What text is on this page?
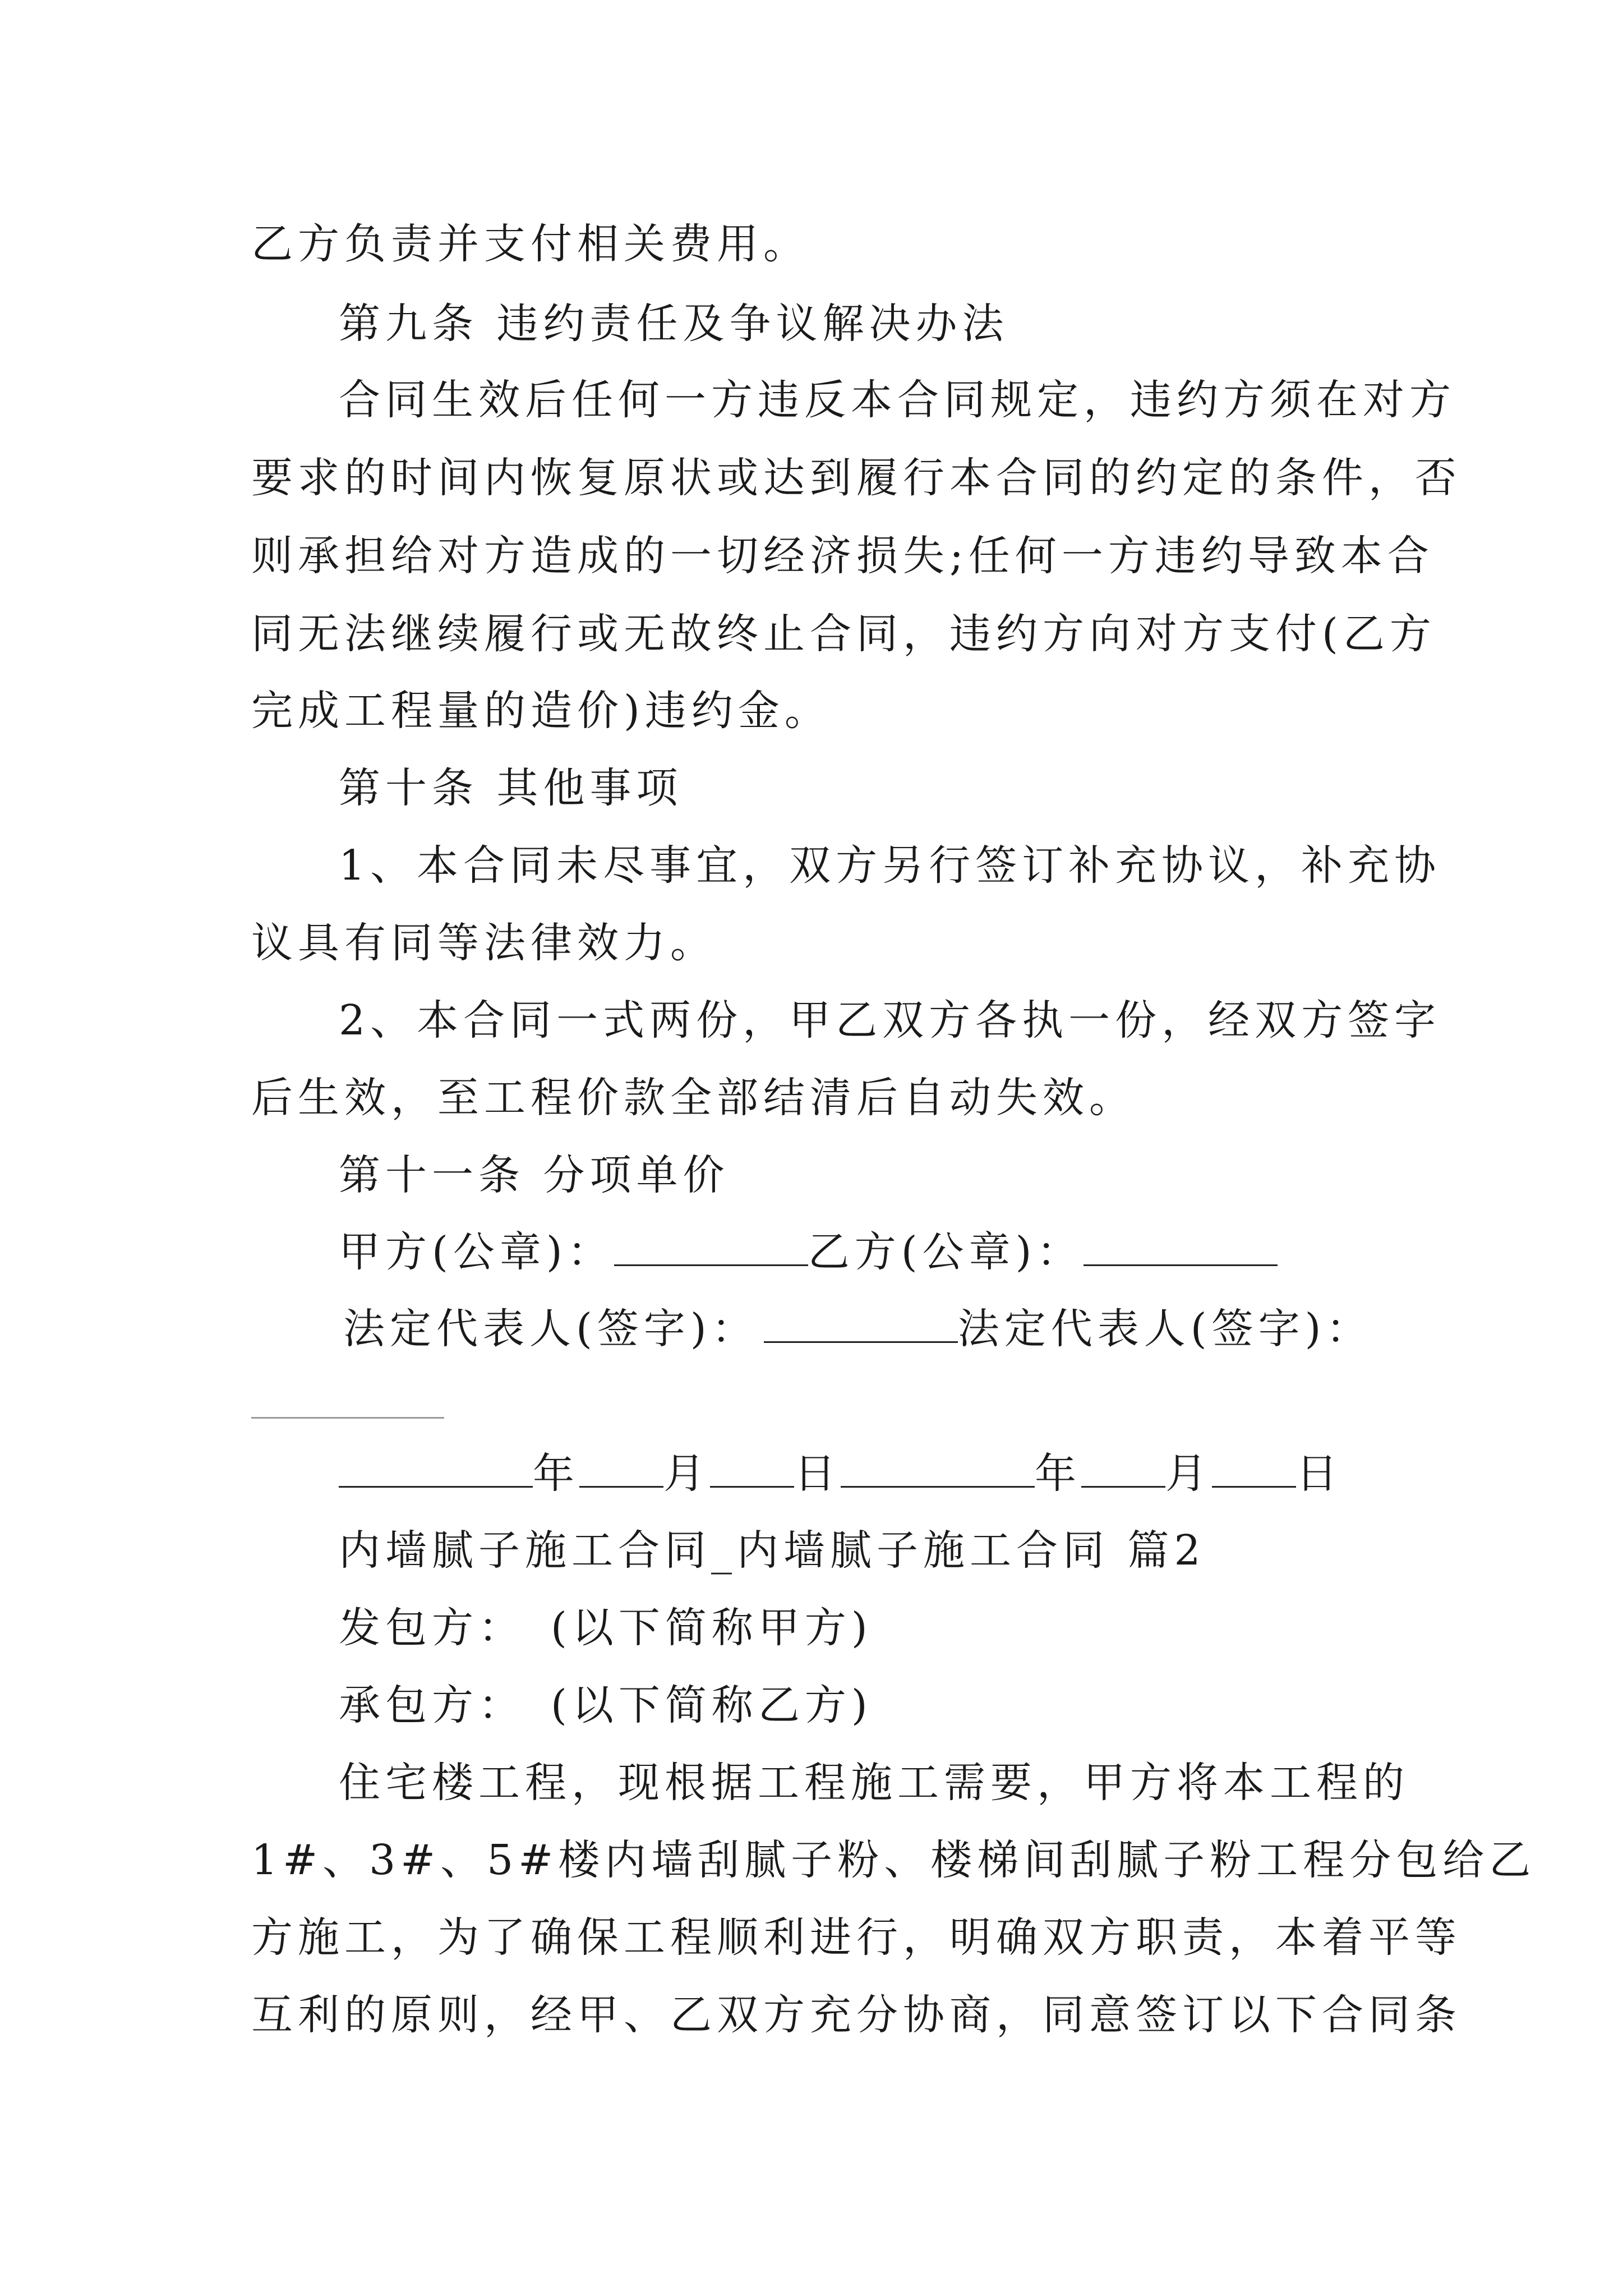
乙方负责并支付相关费用。
第九条 违约责任及争议解决办法
合同生效后任何一方违反本合同规定，违约方须在对方
要求的时间内恢复原状或达到履行本合同的约定的条件，否
则承担给对方造成的一切经济损失;任何一方违约导致本合
同无法继续履行或无故终止合同，违约方向对方支付(乙方
完成工程量的造价)违约金。
第十条 其他事项
1、本合同未尽事宜，双方另行签订补充协议，补充协
议具有同等法律效力。
2、本合同一式两份，甲乙双方各执一份，经双方签字
后生效，至工程价款全部结清后自动失效。
第十一条 分项单价
甲方(公章)：	乙方(公章)：
法定代表人(签字)：	法定代表人(签字)：
年 月 日	年 月 日
内墙腻子施工合同_内墙腻子施工合同 篇2
发包方：　(以下简称甲方)
承包方：　(以下简称乙方)
住宅楼工程，现根据工程施工需要，甲方将本工程的
1#、3#、5#楼内墙刮腻子粉、楼梯间刮腻子粉工程分包给乙
方施工，为了确保工程顺利进行，明确双方职责，本着平等
互利的原则，经甲、乙双方充分协商，同意签订以下合同条
